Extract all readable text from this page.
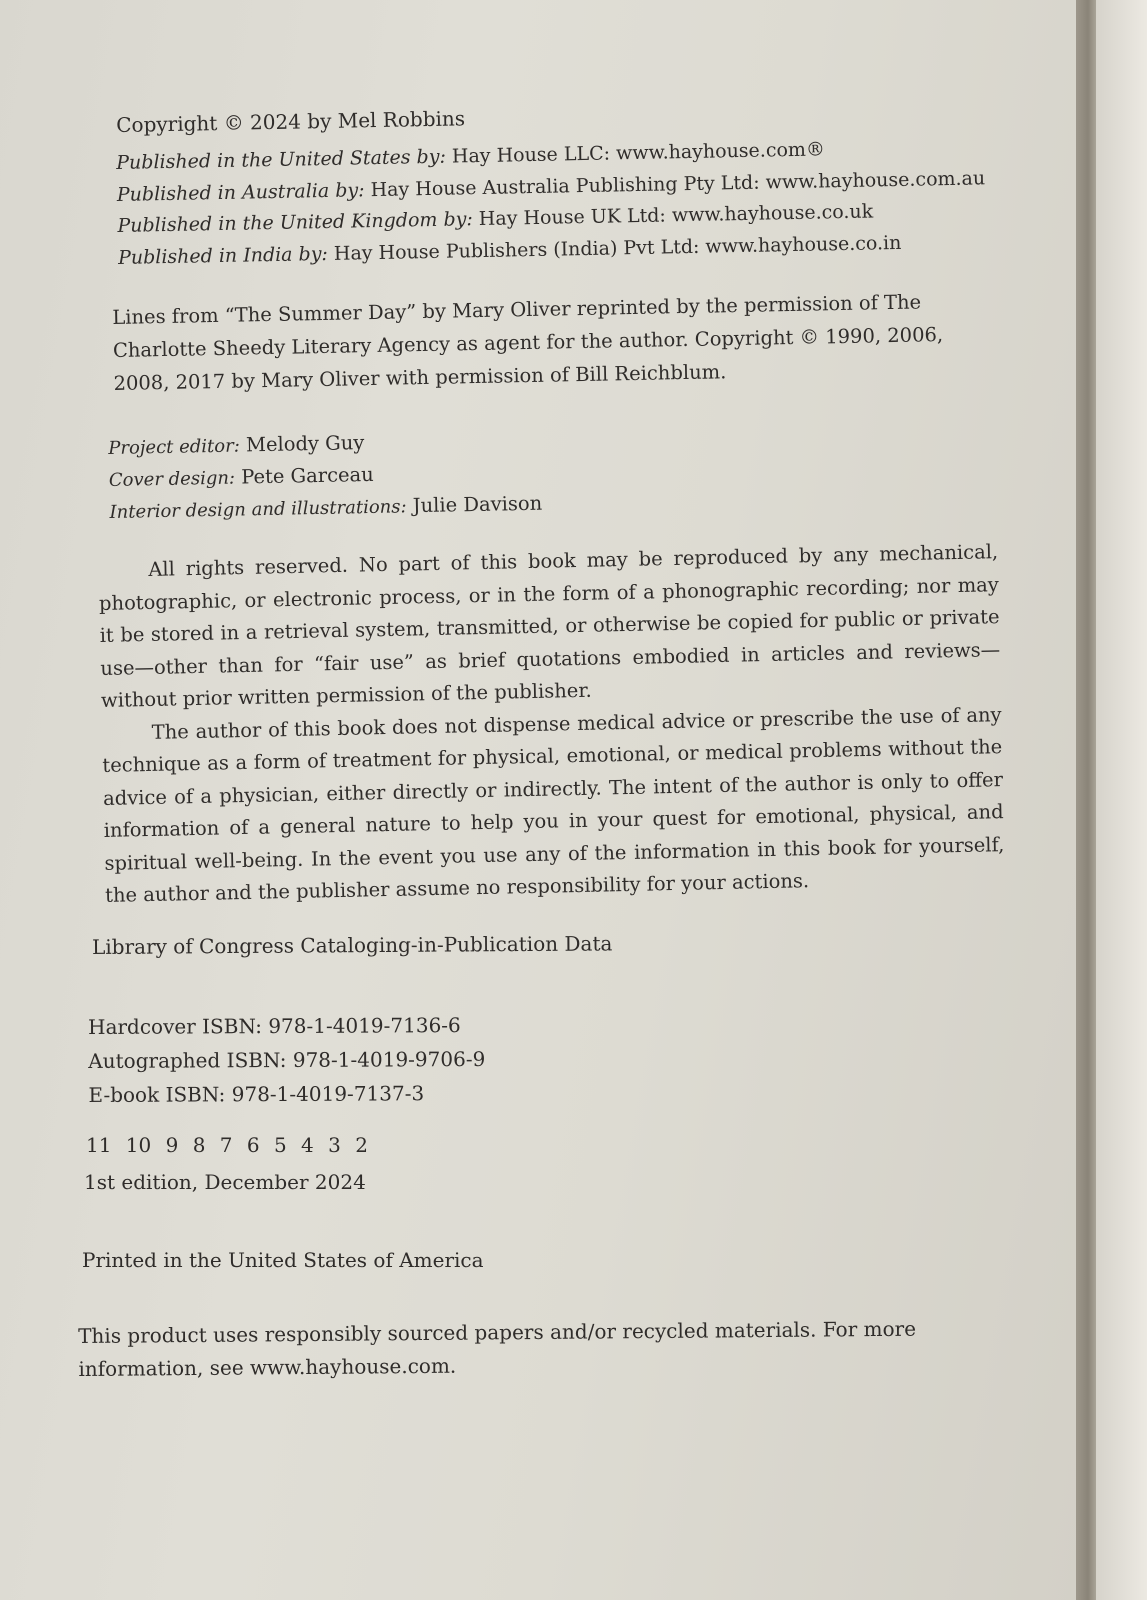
Copyright © 2024 by Mel Robbins
Published in the United States by: Hay House LLC: www.hayhouse.com®
Published in Australia by: Hay House Australia Publishing Pty Ltd: www.hayhouse.com.au
Published in the United Kingdom by: Hay House UK Ltd: www.hayhouse.co.uk
Published in India by: Hay House Publishers (India) Pvt Ltd: www.hayhouse.co.in
Lines from “The Summer Day” by Mary Oliver reprinted by the permission of The Charlotte Sheedy Literary Agency as agent for the author. Copyright © 1990, 2006, 2008, 2017 by Mary Oliver with permission of Bill Reichblum.
Project editor: Melody Guy
Cover design: Pete Garceau
Interior design and illustrations: Julie Davison

All rights reserved. No part of this book may be reproduced by any mechanical, photographic, or electronic process, or in the form of a phonographic recording; nor may it be stored in a retrieval system, transmitted, or otherwise be copied for public or private use—other than for “fair use” as brief quotations embodied in articles and reviews—without prior written permission of the publisher.

The author of this book does not dispense medical advice or prescribe the use of any technique as a form of treatment for physical, emotional, or medical problems without the advice of a physician, either directly or indirectly. The intent of the author is only to offer information of a general nature to help you in your quest for emotional, physical, and spiritual well-being. In the event you use any of the information in this book for yourself, the author and the publisher assume no responsibility for your actions.

Library of Congress Cataloging-in-Publication Data
Hardcover ISBN: 978-1-4019-7136-6
Autographed ISBN: 978-1-4019-9706-9
E-book ISBN: 978-1-4019-7137-3
11 10 9 8 7 6 5 4 3 2
1st edition, December 2024
Printed in the United States of America
This product uses responsibly sourced papers and/or recycled materials. For more information, see www.hayhouse.com.
